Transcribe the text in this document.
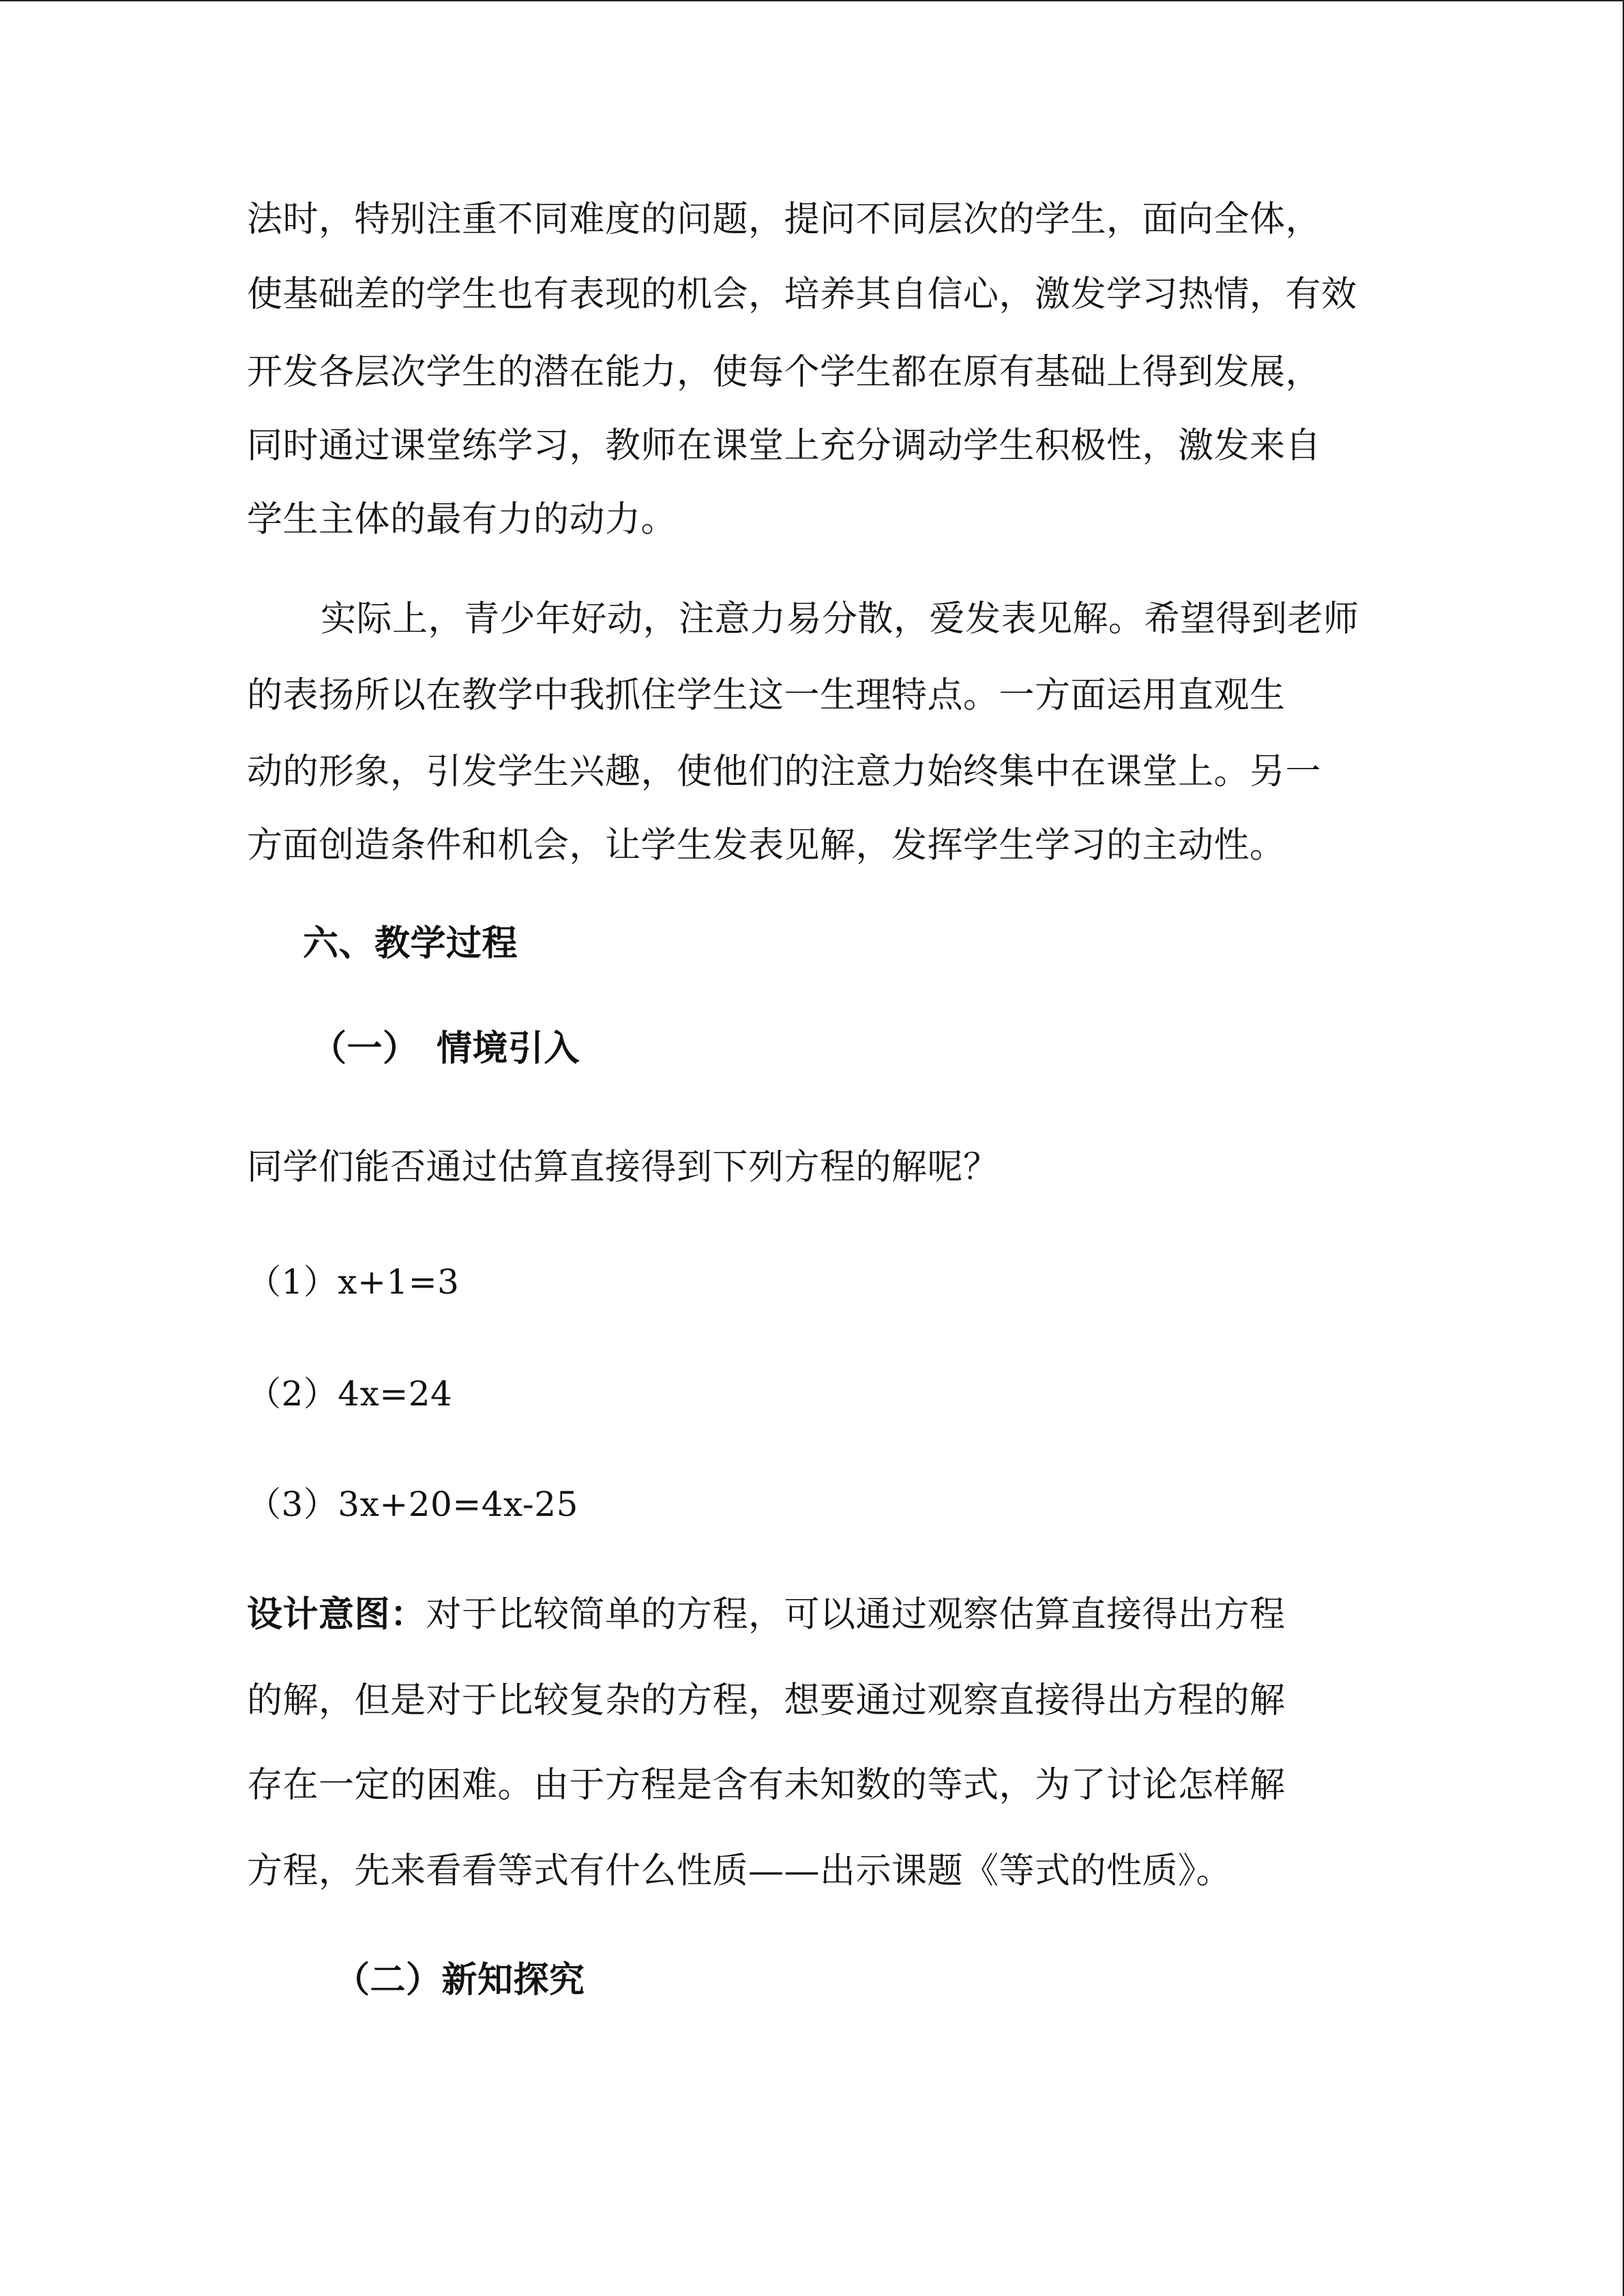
法时，特别注重不同难度的问题，提问不同层次的学生，面向全体，
使基础差的学生也有表现的机会，培养其自信心，激发学习热情，有效
开发各层次学生的潜在能力，使每个学生都在原有基础上得到发展，
同时通过课堂练学习，教师在课堂上充分调动学生积极性，激发来自
学生主体的最有力的动力。
实际上，青少年好动，注意力易分散，爱发表见解。希望得到老师
的表扬所以在教学中我抓住学生这一生理特点。一方面运用直观生
动的形象，引发学生兴趣，使他们的注意力始终集中在课堂上。另一
方面创造条件和机会，让学生发表见解，发挥学生学习的主动性。
六、教学过程
（一） 情境引入
同学们能否通过估算直接得到下列方程的解呢？
（1）x+1=3
（2）4x=24
（3）3x+20=4x-25
设计意图：对于比较简单的方程，可以通过观察估算直接得出方程
的解，但是对于比较复杂的方程，想要通过观察直接得出方程的解
存在一定的困难。由于方程是含有未知数的等式，为了讨论怎样解
方程，先来看看等式有什么性质——出示课题《等式的性质》。
（二）新知探究
